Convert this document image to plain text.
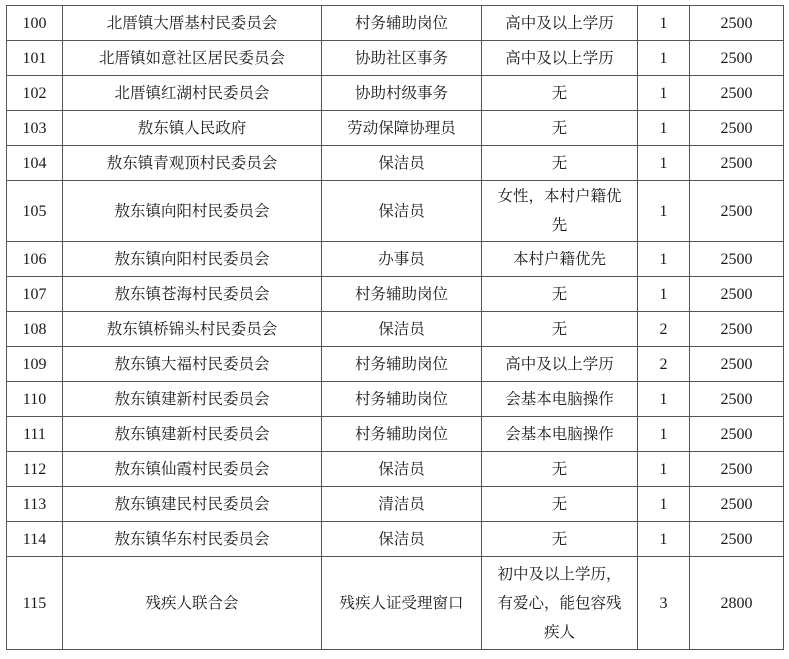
100	北厝镇大厝基村民委员会	村务辅助岗位	高中及以上学历	1	2500
101	北厝镇如意社区居民委员会	协助社区事务	高中及以上学历	1	2500
102	北厝镇红湖村民委员会	协助村级事务	无	1	2500
103	敖东镇人民政府	劳动保障协理员	无	1	2500
104	敖东镇青观顶村民委员会	保洁员	无	1	2500
105	敖东镇向阳村民委员会	保洁员	女性，本村户籍优先	1	2500
106	敖东镇向阳村民委员会	办事员	本村户籍优先	1	2500
107	敖东镇苍海村民委员会	村务辅助岗位	无	1	2500
108	敖东镇桥锦头村民委员会	保洁员	无	2	2500
109	敖东镇大福村民委员会	村务辅助岗位	高中及以上学历	2	2500
110	敖东镇建新村民委员会	村务辅助岗位	会基本电脑操作	1	2500
111	敖东镇建新村民委员会	村务辅助岗位	会基本电脑操作	1	2500
112	敖东镇仙霞村民委员会	保洁员	无	1	2500
113	敖东镇建民村民委员会	清洁员	无	1	2500
114	敖东镇华东村民委员会	保洁员	无	1	2500
115	残疾人联合会	残疾人证受理窗口	初中及以上学历，有爱心，能包容残疾人	3	2800
